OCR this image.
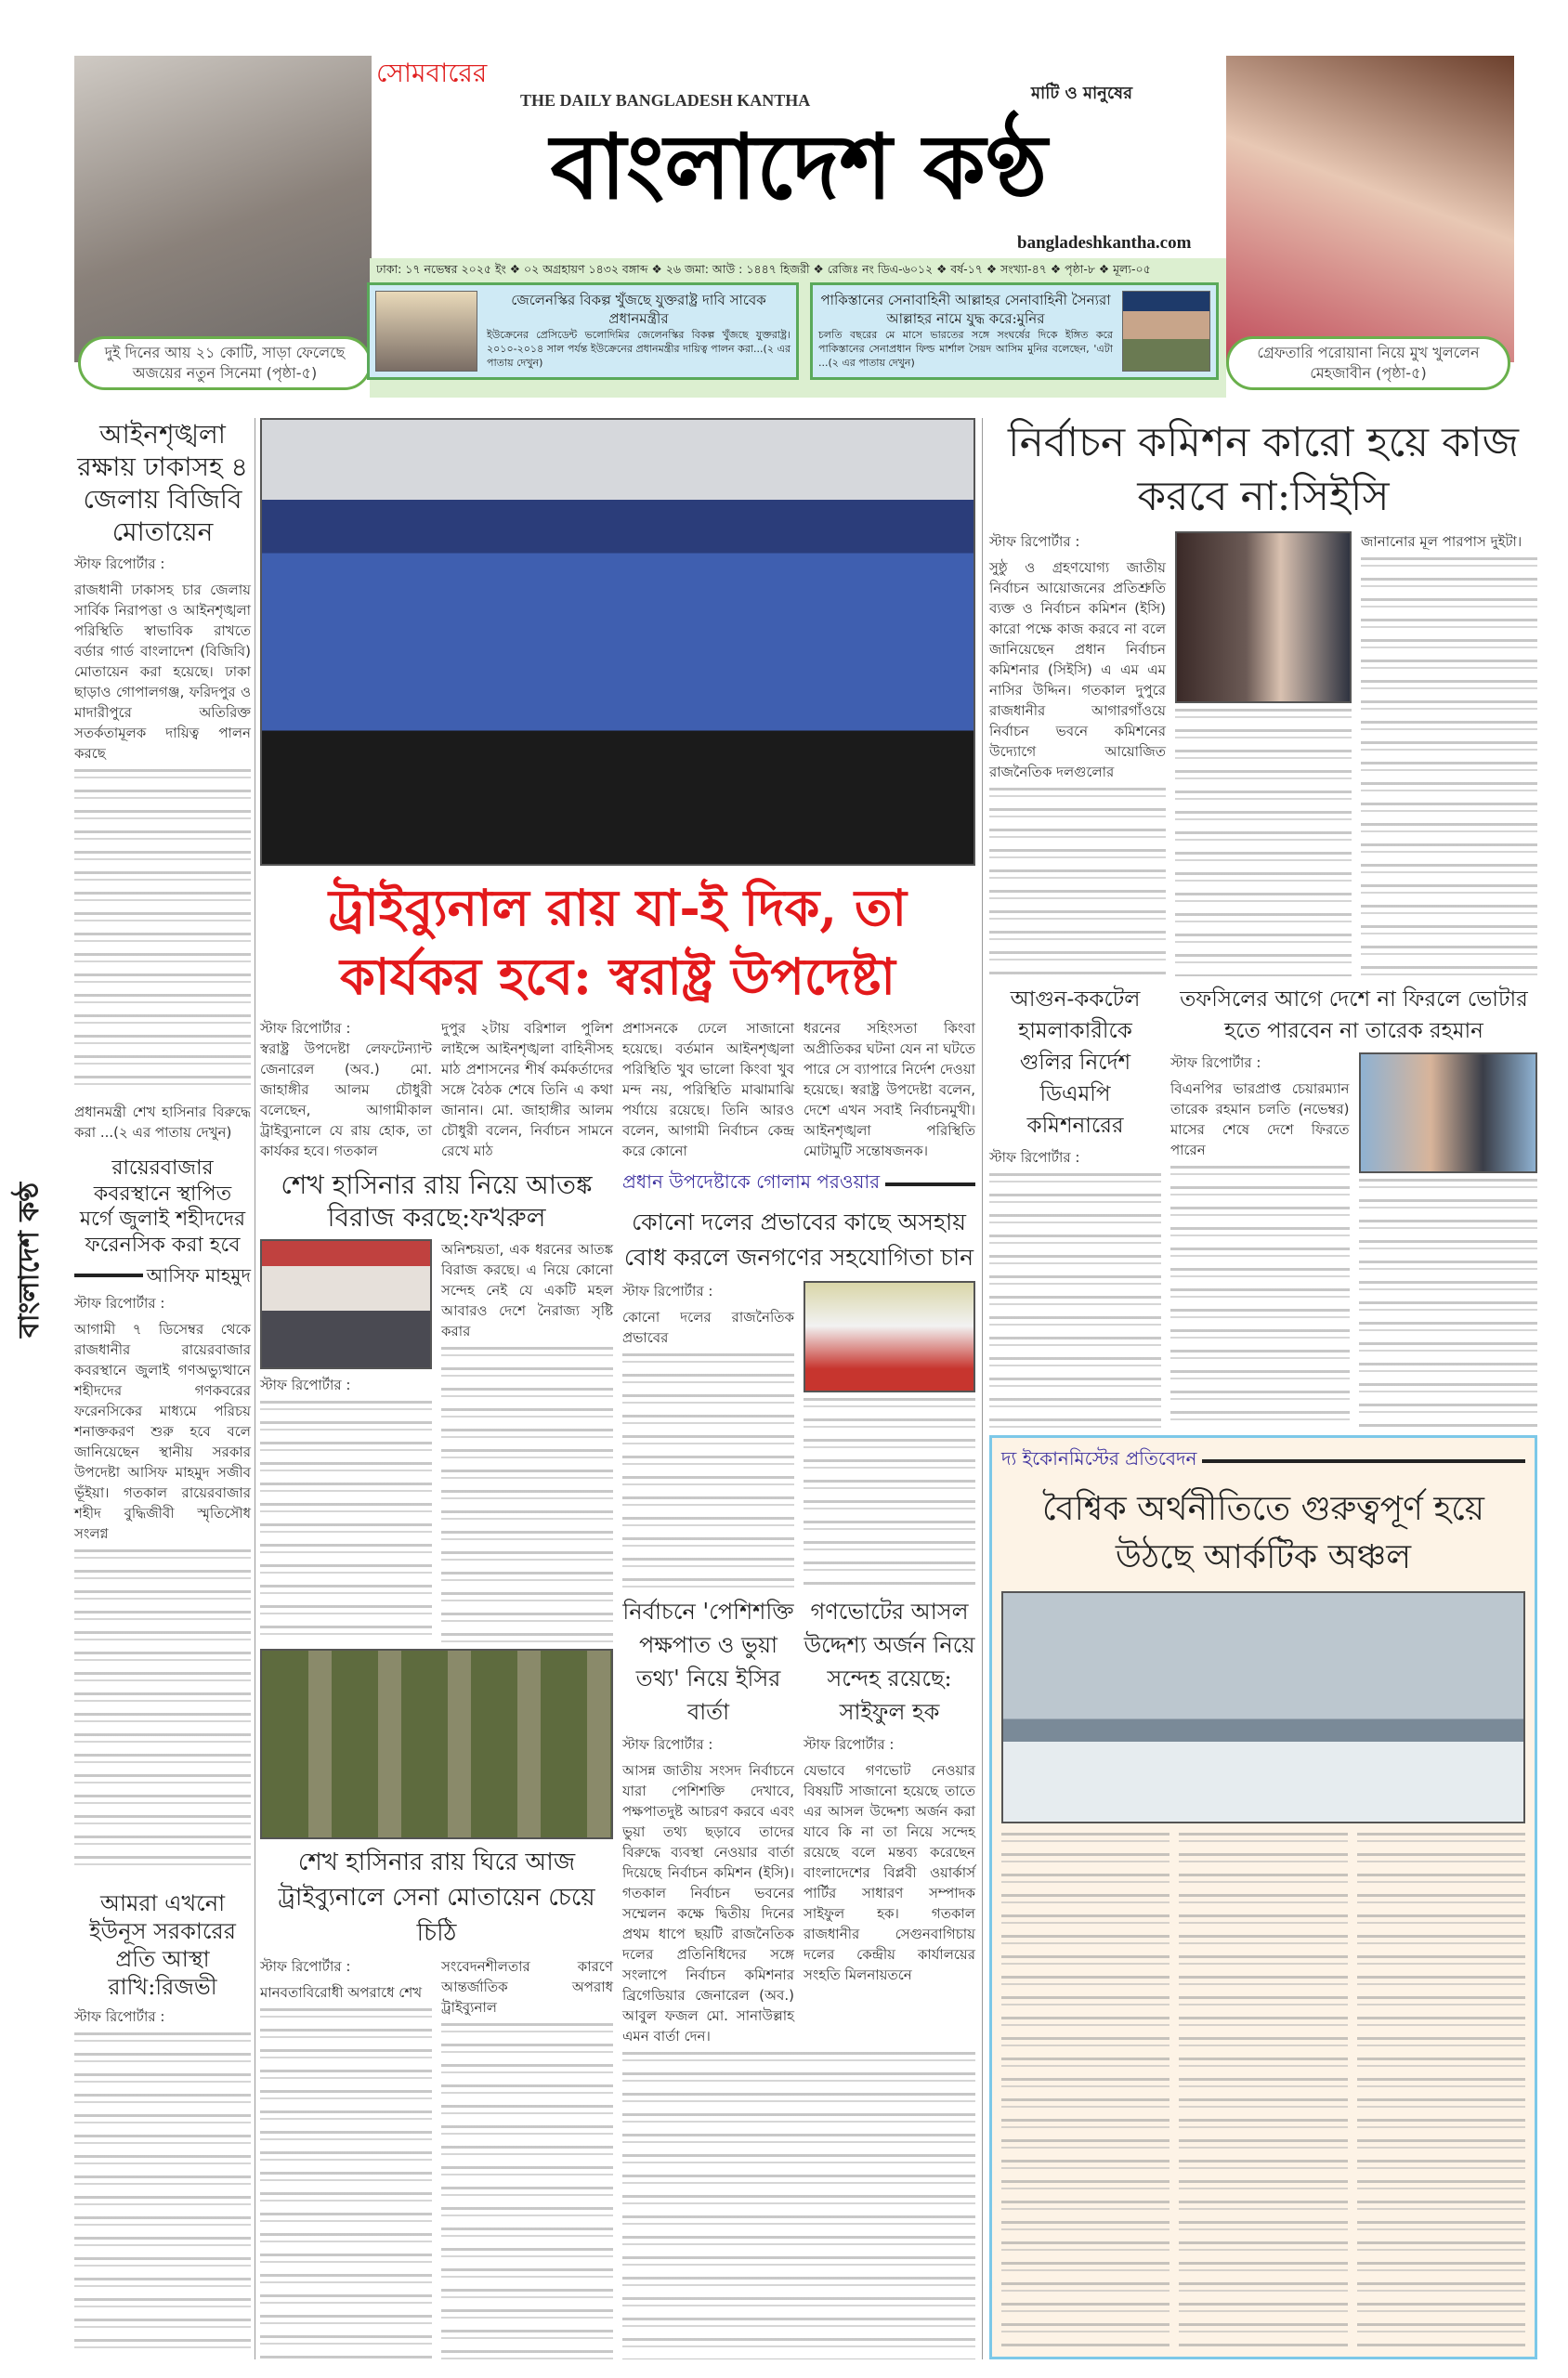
দুই দিনের আয় ২১ কোটি, সাড়া ফেলেছে অজয়ের নতুন সিনেমা (পৃষ্ঠা-৫)
গ্রেফতারি পরোয়ানা নিয়ে মুখ খুললেন মেহজাবীন (পৃষ্ঠা-৫)
সোমবারের
THE DAILY BANGLADESH KANTHA	মাটি ও মানুষের
বাংলাদেশ কণ্ঠ
bangladeshkantha.com
ঢাকা: ১৭ নভেম্বর ২০২৫ ইং ❖ ০২ অগ্রহায়ণ ১৪৩২ বঙ্গাব্দ ❖ ২৬ জমা: আউ : ১৪৪৭ হিজরী ❖ রেজিঃ নং ডিএ-৬০১২ ❖ বর্ষ-১৭ ❖ সংখ্যা-৪৭ ❖ পৃষ্ঠা-৮ ❖ মূল্য-০৫
জেলেনস্কির বিকল্প খুঁজছে যুক্তরাষ্ট্র দাবি সাবেক প্রধানমন্ত্রীর

ইউক্রেনের প্রেসিডেন্ট ভলোদিমির জেলেনস্কির বিকল্প খুঁজছে যুক্তরাষ্ট্র। ২০১০-২০১৪ সাল পর্যন্ত ইউক্রেনের প্রধানমন্ত্রীর দায়িত্ব পালন করা...(২ এর পাতায় দেখুন)

পাকিস্তানের সেনাবাহিনী আল্লাহর সেনাবাহিনী সৈন্যরা আল্লাহর নামে যুদ্ধ করে:মুনির

চলতি বছরের মে মাসে ভারতের সঙ্গে সংঘর্ষের দিকে ইঙ্গিত করে পাকিস্তানের সেনাপ্রধান ফিল্ড মার্শাল সৈয়দ আসিম মুনির বলেছেন, 'এটা ...(২ এর পাতায় দেখুন)

আইনশৃঙ্খলা রক্ষায় ঢাকাসহ ৪ জেলায় বিজিবি মোতায়েন
স্টাফ রিপোর্টার :
রাজধানী ঢাকাসহ চার জেলায় সার্বিক নিরাপত্তা ও আইনশৃঙ্খলা পরিস্থিতি স্বাভাবিক রাখতে বর্ডার গার্ড বাংলাদেশ (বিজিবি) মোতায়েন করা হয়েছে। ঢাকা ছাড়াও গোপালগঞ্জ, ফরিদপুর ও মাদারীপুরে অতিরিক্ত সতর্কতামূলক দায়িত্ব পালন করছে
প্রধানমন্ত্রী শেখ হাসিনার বিরুদ্ধে করা ...(২ এর পাতায় দেখুন)
রায়েরবাজার কবরস্থানে স্থাপিত মর্গে জুলাই শহীদদের ফরেনসিক করা হবে
আসিফ মাহমুদ
স্টাফ রিপোর্টার :
আগামী ৭ ডিসেম্বর থেকে রাজধানীর রায়েরবাজার কবরস্থানে জুলাই গণঅভ্যুত্থানে শহীদদের গণকবরের ফরেনসিকের মাধ্যমে পরিচয় শনাক্তকরণ শুরু হবে বলে জানিয়েছেন স্থানীয় সরকার উপদেষ্টা আসিফ মাহমুদ সজীব ভূঁইয়া। গতকাল রায়েরবাজার শহীদ বুদ্ধিজীবী স্মৃতিসৌধ সংলগ্ন
আমরা এখনো ইউনূস সরকারের প্রতি আস্থা রাখি:রিজভী
স্টাফ রিপোর্টার :
বাংলাদেশ কণ্ঠ
ট্রাইব্যুনাল রায় যা-ই দিক, তা কার্যকর হবে: স্বরাষ্ট্র উপদেষ্টা
স্টাফ রিপোর্টার :
স্বরাষ্ট্র উপদেষ্টা লেফটেন্যান্ট জেনারেল (অব.) মো. জাহাঙ্গীর আলম চৌধুরী বলেছেন, আগামীকাল ট্রাইব্যুনালে যে রায় হোক, তা কার্যকর হবে। গতকাল
দুপুর ২টায় বরিশাল পুলিশ লাইন্সে আইনশৃঙ্খলা বাহিনীসহ মাঠ প্রশাসনের শীর্ষ কর্মকর্তাদের সঙ্গে বৈঠক শেষে তিনি এ কথা জানান। মো. জাহাঙ্গীর আলম চৌধুরী বলেন, নির্বাচন সামনে রেখে মাঠ
প্রশাসনকে ঢেলে সাজানো হয়েছে। বর্তমান আইনশৃঙ্খলা পরিস্থিতি খুব ভালো কিংবা খুব মন্দ নয়, পরিস্থিতি মাঝামাঝি পর্যায়ে রয়েছে। তিনি আরও বলেন, আগামী নির্বাচন কেন্দ্র করে কোনো
ধরনের সহিংসতা কিংবা অপ্রীতিকর ঘটনা যেন না ঘটতে পারে সে ব্যাপারে নির্দেশ দেওয়া হয়েছে। স্বরাষ্ট্র উপদেষ্টা বলেন, দেশে এখন সবাই নির্বাচনমুখী। আইনশৃঙ্খলা পরিস্থিতি মোটামুটি সন্তোষজনক।
শেখ হাসিনার রায় নিয়ে আতঙ্ক বিরাজ করছে:ফখরুল
স্টাফ রিপোর্টার :
অনিশ্চয়তা, এক ধরনের আতঙ্ক বিরাজ করছে। এ নিয়ে কোনো সন্দেহ নেই যে একটি মহল আবারও দেশে নৈরাজ্য সৃষ্টি করার
শেখ হাসিনার রায় ঘিরে আজ ট্রাইব্যুনালে সেনা মোতায়েন চেয়ে চিঠি
স্টাফ রিপোর্টার :
মানবতাবিরোধী অপরাধে শেখ
সংবেদনশীলতার কারণে আন্তর্জাতিক অপরাধ ট্রাইব্যুনাল
প্রধান উপদেষ্টাকে গোলাম পরওয়ার
কোনো দলের প্রভাবের কাছে অসহায় বোধ করলে জনগণের সহযোগিতা চান
স্টাফ রিপোর্টার :
কোনো দলের রাজনৈতিক প্রভাবের
নির্বাচনে 'পেশিশক্তি পক্ষপাত ও ভুয়া তথ্য' নিয়ে ইসির বার্তা
স্টাফ রিপোর্টার :
আসন্ন জাতীয় সংসদ নির্বাচনে যারা পেশিশক্তি দেখাবে, পক্ষপাতদুষ্ট আচরণ করবে এবং ভুয়া তথ্য ছড়াবে তাদের বিরুদ্ধে ব্যবস্থা নেওয়ার বার্তা দিয়েছে নির্বাচন কমিশন (ইসি)। গতকাল নির্বাচন ভবনের সম্মেলন কক্ষে দ্বিতীয় দিনের প্রথম ধাপে ছয়টি রাজনৈতিক দলের প্রতিনিধিদের সঙ্গে সংলাপে নির্বাচন কমিশনার ব্রিগেডিয়ার জেনারেল (অব.) আবুল ফজল মো. সানাউল্লাহ এমন বার্তা দেন।
গণভোটের আসল উদ্দেশ্য অর্জন নিয়ে সন্দেহ রয়েছে: সাইফুল হক
স্টাফ রিপোর্টার :
যেভাবে গণভোট নেওয়ার বিষয়টি সাজানো হয়েছে তাতে এর আসল উদ্দেশ্য অর্জন করা যাবে কি না তা নিয়ে সন্দেহ রয়েছে বলে মন্তব্য করেছেন বাংলাদেশের বিপ্লবী ওয়ার্কার্স পার্টির সাধারণ সম্পাদক সাইফুল হক। গতকাল রাজধানীর সেগুনবাগিচায় দলের কেন্দ্রীয় কার্যালয়ের সংহতি মিলনায়তনে
নির্বাচন কমিশন কারো হয়ে কাজ করবে না:সিইসি
স্টাফ রিপোর্টার :
সুষ্ঠু ও গ্রহণযোগ্য জাতীয় নির্বাচন আয়োজনের প্রতিশ্রুতি ব্যক্ত ও নির্বাচন কমিশন (ইসি) কারো পক্ষে কাজ করবে না বলে জানিয়েছেন প্রধান নির্বাচন কমিশনার (সিইসি) এ এম এম নাসির উদ্দিন। গতকাল দুপুরে রাজধানীর আগারগাঁওয়ে নির্বাচন ভবনে কমিশনের উদ্যোগে আয়োজিত রাজনৈতিক দলগুলোর
জানানোর মূল পারপাস দুইটা।
আগুন-ককটেল হামলাকারীকে গুলির নির্দেশ ডিএমপি কমিশনারের
স্টাফ রিপোর্টার :
তফসিলের আগে দেশে না ফিরলে ভোটার হতে পারবেন না তারেক রহমান
স্টাফ রিপোর্টার :
বিএনপির ভারপ্রাপ্ত চেয়ারম্যান তারেক রহমান চলতি (নভেম্বর) মাসের শেষে দেশে ফিরতে পারেন
দ্য ইকোনমিস্টের প্রতিবেদন
বৈশ্বিক অর্থনীতিতে গুরুত্বপূর্ণ হয়ে উঠছে আর্কটিক অঞ্চল
